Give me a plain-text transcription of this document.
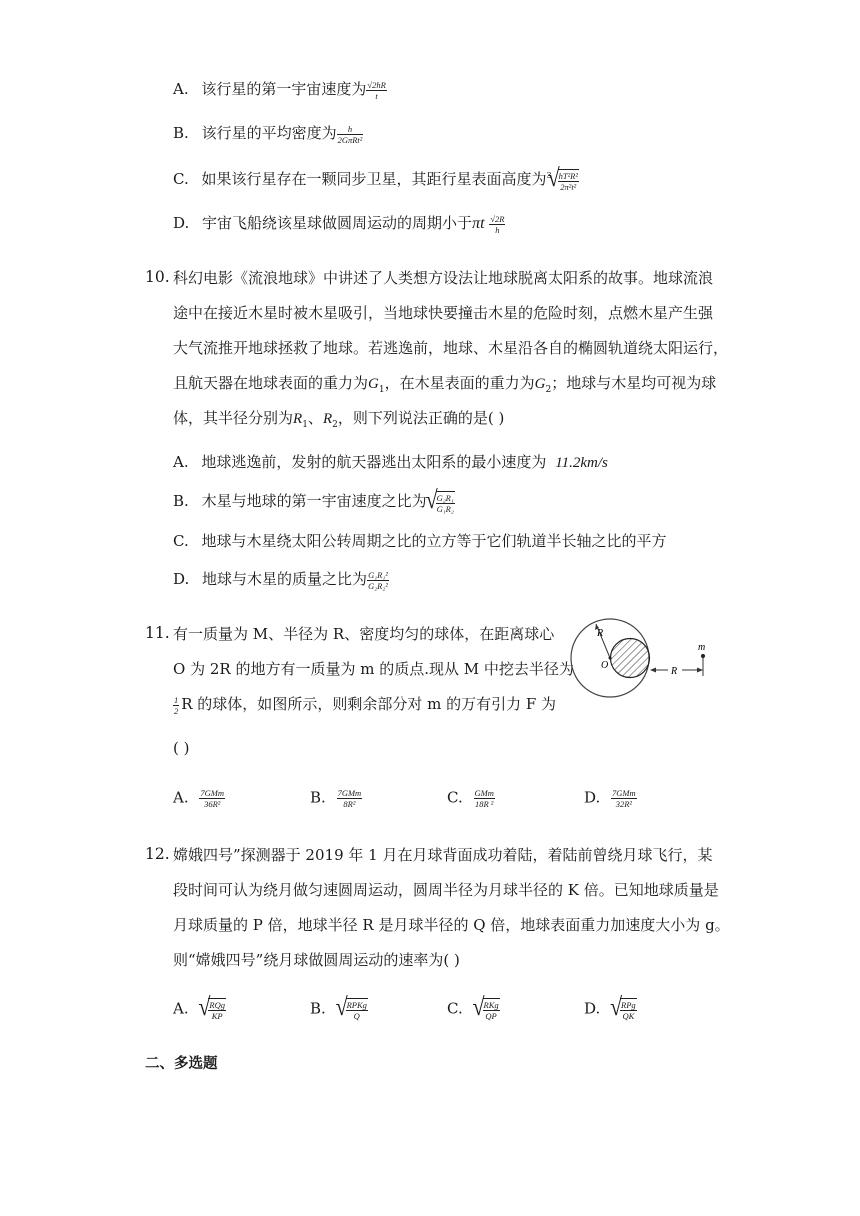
A. 该行星的第一宇宙速度为 $\frac{√2hR}{t}$
B. 该行星的平均密度为 $\frac{h}{\text{2GπRt²}}$
C. 如果该行星存在一颗同步卫星，其距行星表面高度为$^3$ √ $\frac{\text{hT²R²}}{\text{2π²t²}}$
D. 宇宙飞船绕该星球做圆周运动的周期小于πt $\frac{√2R}{h}$
10. 科幻电影《流浪地球》中讲述了人类想方设法让地球脱离太阳系的故事。地球流浪
途中在接近木星时被木星吸引，当地球快要撞击木星的危险时刻，点燃木星产生强
大气流推开地球拯救了地球。若逃逸前，地球、木星沿各自的椭圆轨道绕太阳运行，
且航天器在地球表面的重力为$G_1$，在木星表面的重力为$G_2$；地球与木星均可视为球
体，其半径分别为$R_1$、$R_2$，则下列说法正确的是( )
A. 地球逃逸前，发射的航天器逃出太阳系的最小速度为 11.2km/s
B. 木星与地球的第一宇宙速度之比为 √ $\frac{\text{G₂R₁}}{\text{G₁R₂}}$
C. 地球与木星绕太阳公转周期之比的立方等于它们轨道半长轴之比的平方
D. 地球与木星的质量之比为 $\frac{\text{G₁R₁²}}{\text{G₂R₂²}}$
11. 有一质量为 M、半径为 R、密度均匀的球体，在距离球心
O 为 2R 的地方有一质量为 m 的质点.现从 M 中挖去半径为
$\frac{1}{2}$ R 的球体，如图所示，则剩余部分对 m 的万有引力 F 为
( )
R
O
R
m
A. $\frac{\text{7GMm}}{\text{36R²}}$	B. $\frac{\text{7GMm}}{\text{8R²}}$	C. $\frac{\text{GMm}}{\text{18R ²}}$	D. $\frac{\text{7GMm}}{\text{32R²}}$
12. 嫦娥四号”探测器于 2019 年 1 月在月球背面成功着陆，着陆前曾绕月球飞行，某
段时间可认为绕月做匀速圆周运动，圆周半径为月球半径的 K 倍。已知地球质量是
月球质量的 P 倍，地球半径 R 是月球半径的 Q 倍，地球表面重力加速度大小为 g。
则“嫦娥四号”绕月球做圆周运动的速率为( )
A. √ $\frac{\text{RQg}}{KP}$	B. √ $\frac{\text{RPKg}}{Q}$	C. √ $\frac{\text{RKg}}{QP}$	D. √ $\frac{\text{RPg}}{QK}$
二、多选题
